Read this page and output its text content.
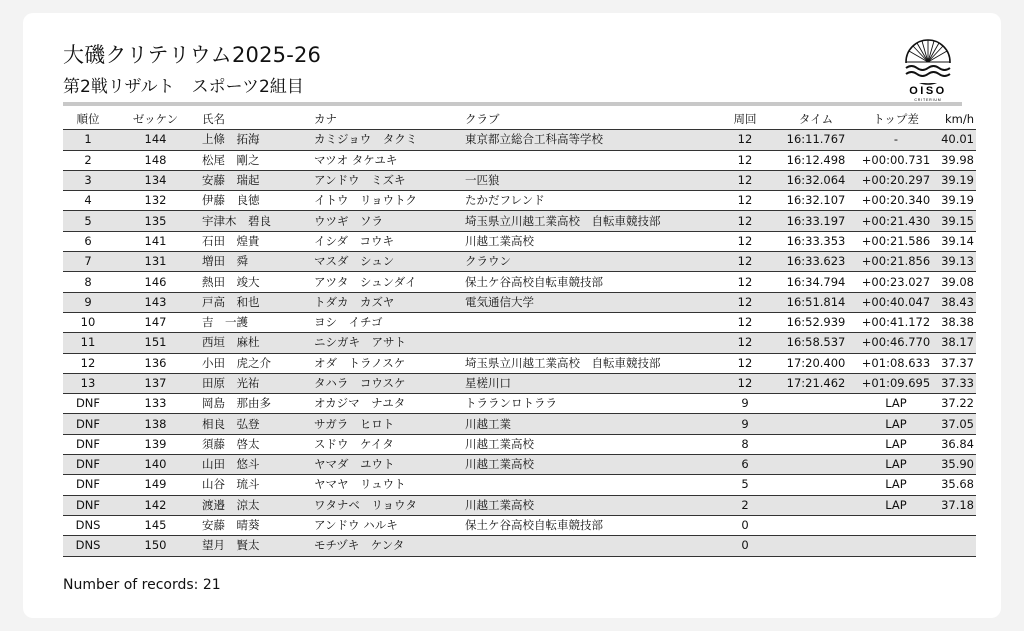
大磯クリテリウム2025-26
第2戦リザルト　スポーツ2組目	OISO
CRITERIUM
順位	ゼッケン	氏名	カナ	クラブ	周回	タイム	トップ差	km/h
1	144	上條　拓海	カミジョウ　タクミ	東京都立総合工科高等学校	12	16:11.767	-	40.01
2	148	松尾　剛之	マツオ タケユキ		12	16:12.498	+00:00.731	39.98
3	134	安藤　瑞起	アンドウ　ミズキ	一匹狼	12	16:32.064	+00:20.297	39.19
4	132	伊藤　良徳	イトウ　リョウトク	たかだフレンド	12	16:32.107	+00:20.340	39.19
5	135	宇津木　碧良	ウツギ　ソラ	埼玉県立川越工業高校　自転車競技部	12	16:33.197	+00:21.430	39.15
6	141	石田　煌貴	イシダ　コウキ	川越工業高校	12	16:33.353	+00:21.586	39.14
7	131	増田　舜	マスダ　シュン	クラウン	12	16:33.623	+00:21.856	39.13
8	146	熱田　竣大	アツタ　シュンダイ	保土ケ谷高校自転車競技部	12	16:34.794	+00:23.027	39.08
9	143	戸高　和也	トダカ　カズヤ	電気通信大学	12	16:51.814	+00:40.047	38.43
10	147	吉　一護	ヨシ　イチゴ		12	16:52.939	+00:41.172	38.38
11	151	西垣　麻杜	ニシガキ　アサト		12	16:58.537	+00:46.770	38.17
12	136	小田　虎之介	オダ　トラノスケ	埼玉県立川越工業高校　自転車競技部	12	17:20.400	+01:08.633	37.37
13	137	田原　光祐	タハラ　コウスケ	星槎川口	12	17:21.462	+01:09.695	37.33
DNF	133	岡島　那由多	オカジマ　ナユタ	トラランロトララ	9		LAP	37.22
DNF	138	相良　弘登	サガラ　ヒロト	川越工業	9		LAP	37.05
DNF	139	須藤　啓太	スドウ　ケイタ	川越工業高校	8		LAP	36.84
DNF	140	山田　悠斗	ヤマダ　ユウト	川越工業高校	6		LAP	35.90
DNF	149	山谷　琉斗	ヤマヤ　リュウト		5		LAP	35.68
DNF	142	渡邉　涼太	ワタナベ　リョウタ	川越工業高校	2		LAP	37.18
DNS	145	安藤　晴葵	アンドウ ハルキ	保土ケ谷高校自転車競技部	0			
DNS	150	望月　賢太	モチヅキ　ケンタ		0			
Number of records: 21
